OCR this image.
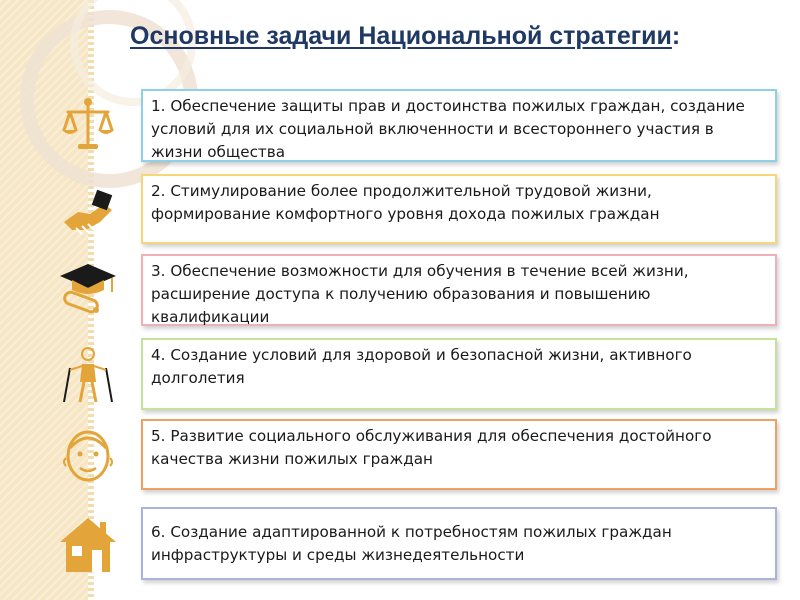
Основные задачи Национальной стратегии:
1. Обеспечение защиты прав и достоинства пожилых граждан, создание условий для их социальной включенности и всестороннего участия в жизни общества
2. Стимулирование более продолжительной трудовой жизни, формирование комфортного уровня дохода пожилых граждан
3. Обеспечение возможности для обучения в течение всей жизни, расширение доступа к получению образования и повышению квалификации
4. Создание условий для здоровой и безопасной жизни, активного долголетия
5. Развитие социального обслуживания для обеспечения достойного качества жизни пожилых граждан
6. Создание адаптированной к потребностям пожилых граждан инфраструктуры и среды жизнедеятельности
